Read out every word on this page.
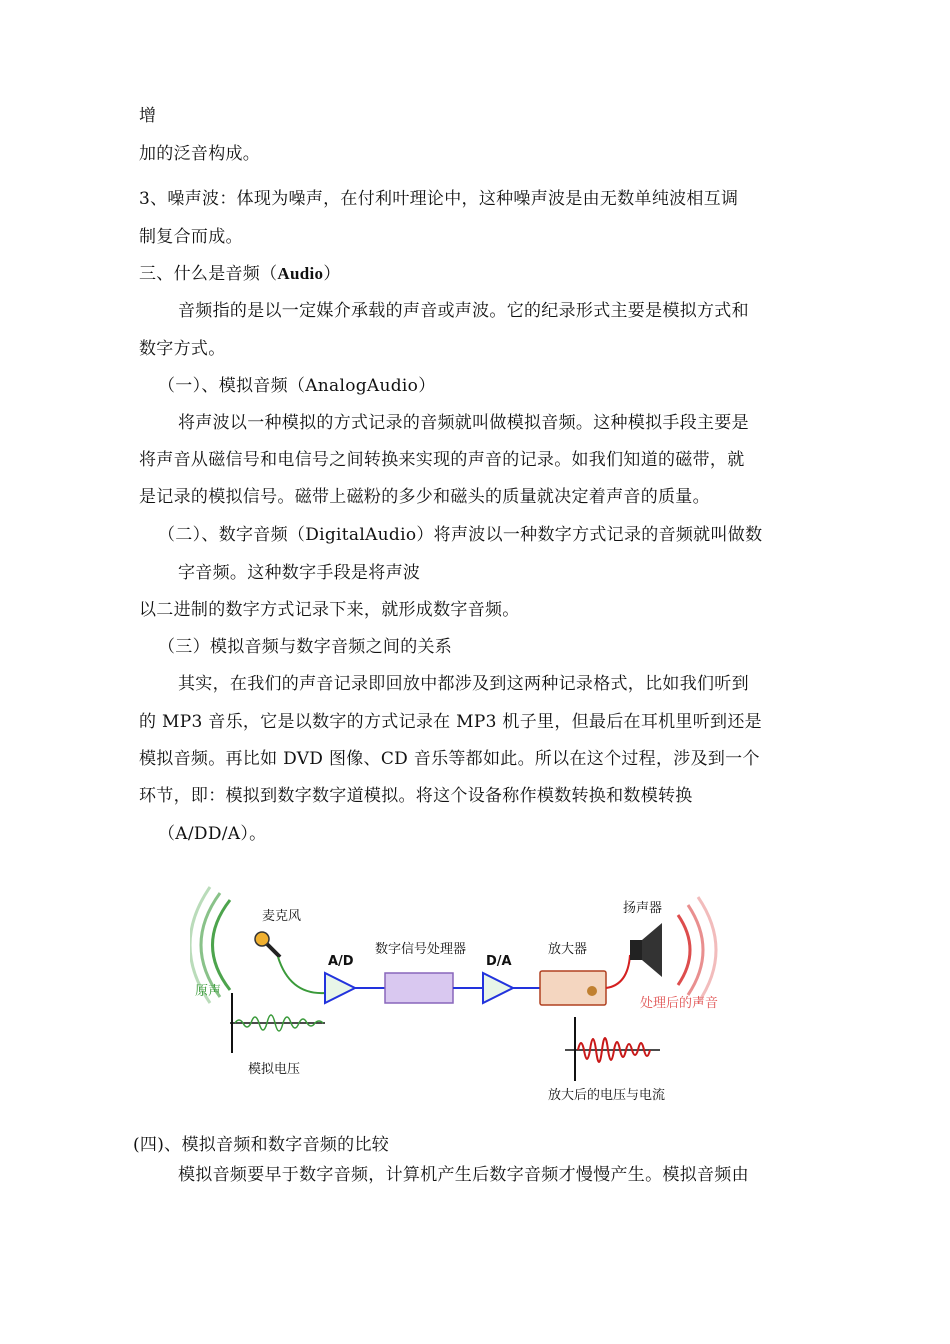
增
加的泛音构成。
3、噪声波：体现为噪声，在付利叶理论中，这种噪声波是由无数单纯波相互调
制复合而成。
三、什么是音频（Audio）
音频指的是以一定媒介承载的声音或声波。它的纪录形式主要是模拟方式和
数字方式。
（一）、模拟音频（AnalogAudio）
将声波以一种模拟的方式记录的音频就叫做模拟音频。这种模拟手段主要是
将声音从磁信号和电信号之间转换来实现的声音的记录。如我们知道的磁带，就
是记录的模拟信号。磁带上磁粉的多少和磁头的质量就决定着声音的质量。
（二）、数字音频（DigitalAudio）将声波以一种数字方式记录的音频就叫做数
字音频。这种数字手段是将声波
以二进制的数字方式记录下来，就形成数字音频。
（三）模拟音频与数字音频之间的关系
其实，在我们的声音记录即回放中都涉及到这两种记录格式，比如我们听到
的 MP3 音乐，它是以数字的方式记录在 MP3 机子里，但最后在耳机里听到还是
模拟音频。再比如 DVD 图像、CD 音乐等都如此。所以在这个过程，涉及到一个
环节，即：模拟到数字数字道模拟。将这个设备称作模数转换和数模转换
（A/DD/A）。
原声
麦克风
A/D
数字信号处理器
D/A
放大器
扬声器
处理后的声音
模拟电压
放大后的电压与电流
(四)、模拟音频和数字音频的比较
模拟音频要早于数字音频，计算机产生后数字音频才慢慢产生。模拟音频由
